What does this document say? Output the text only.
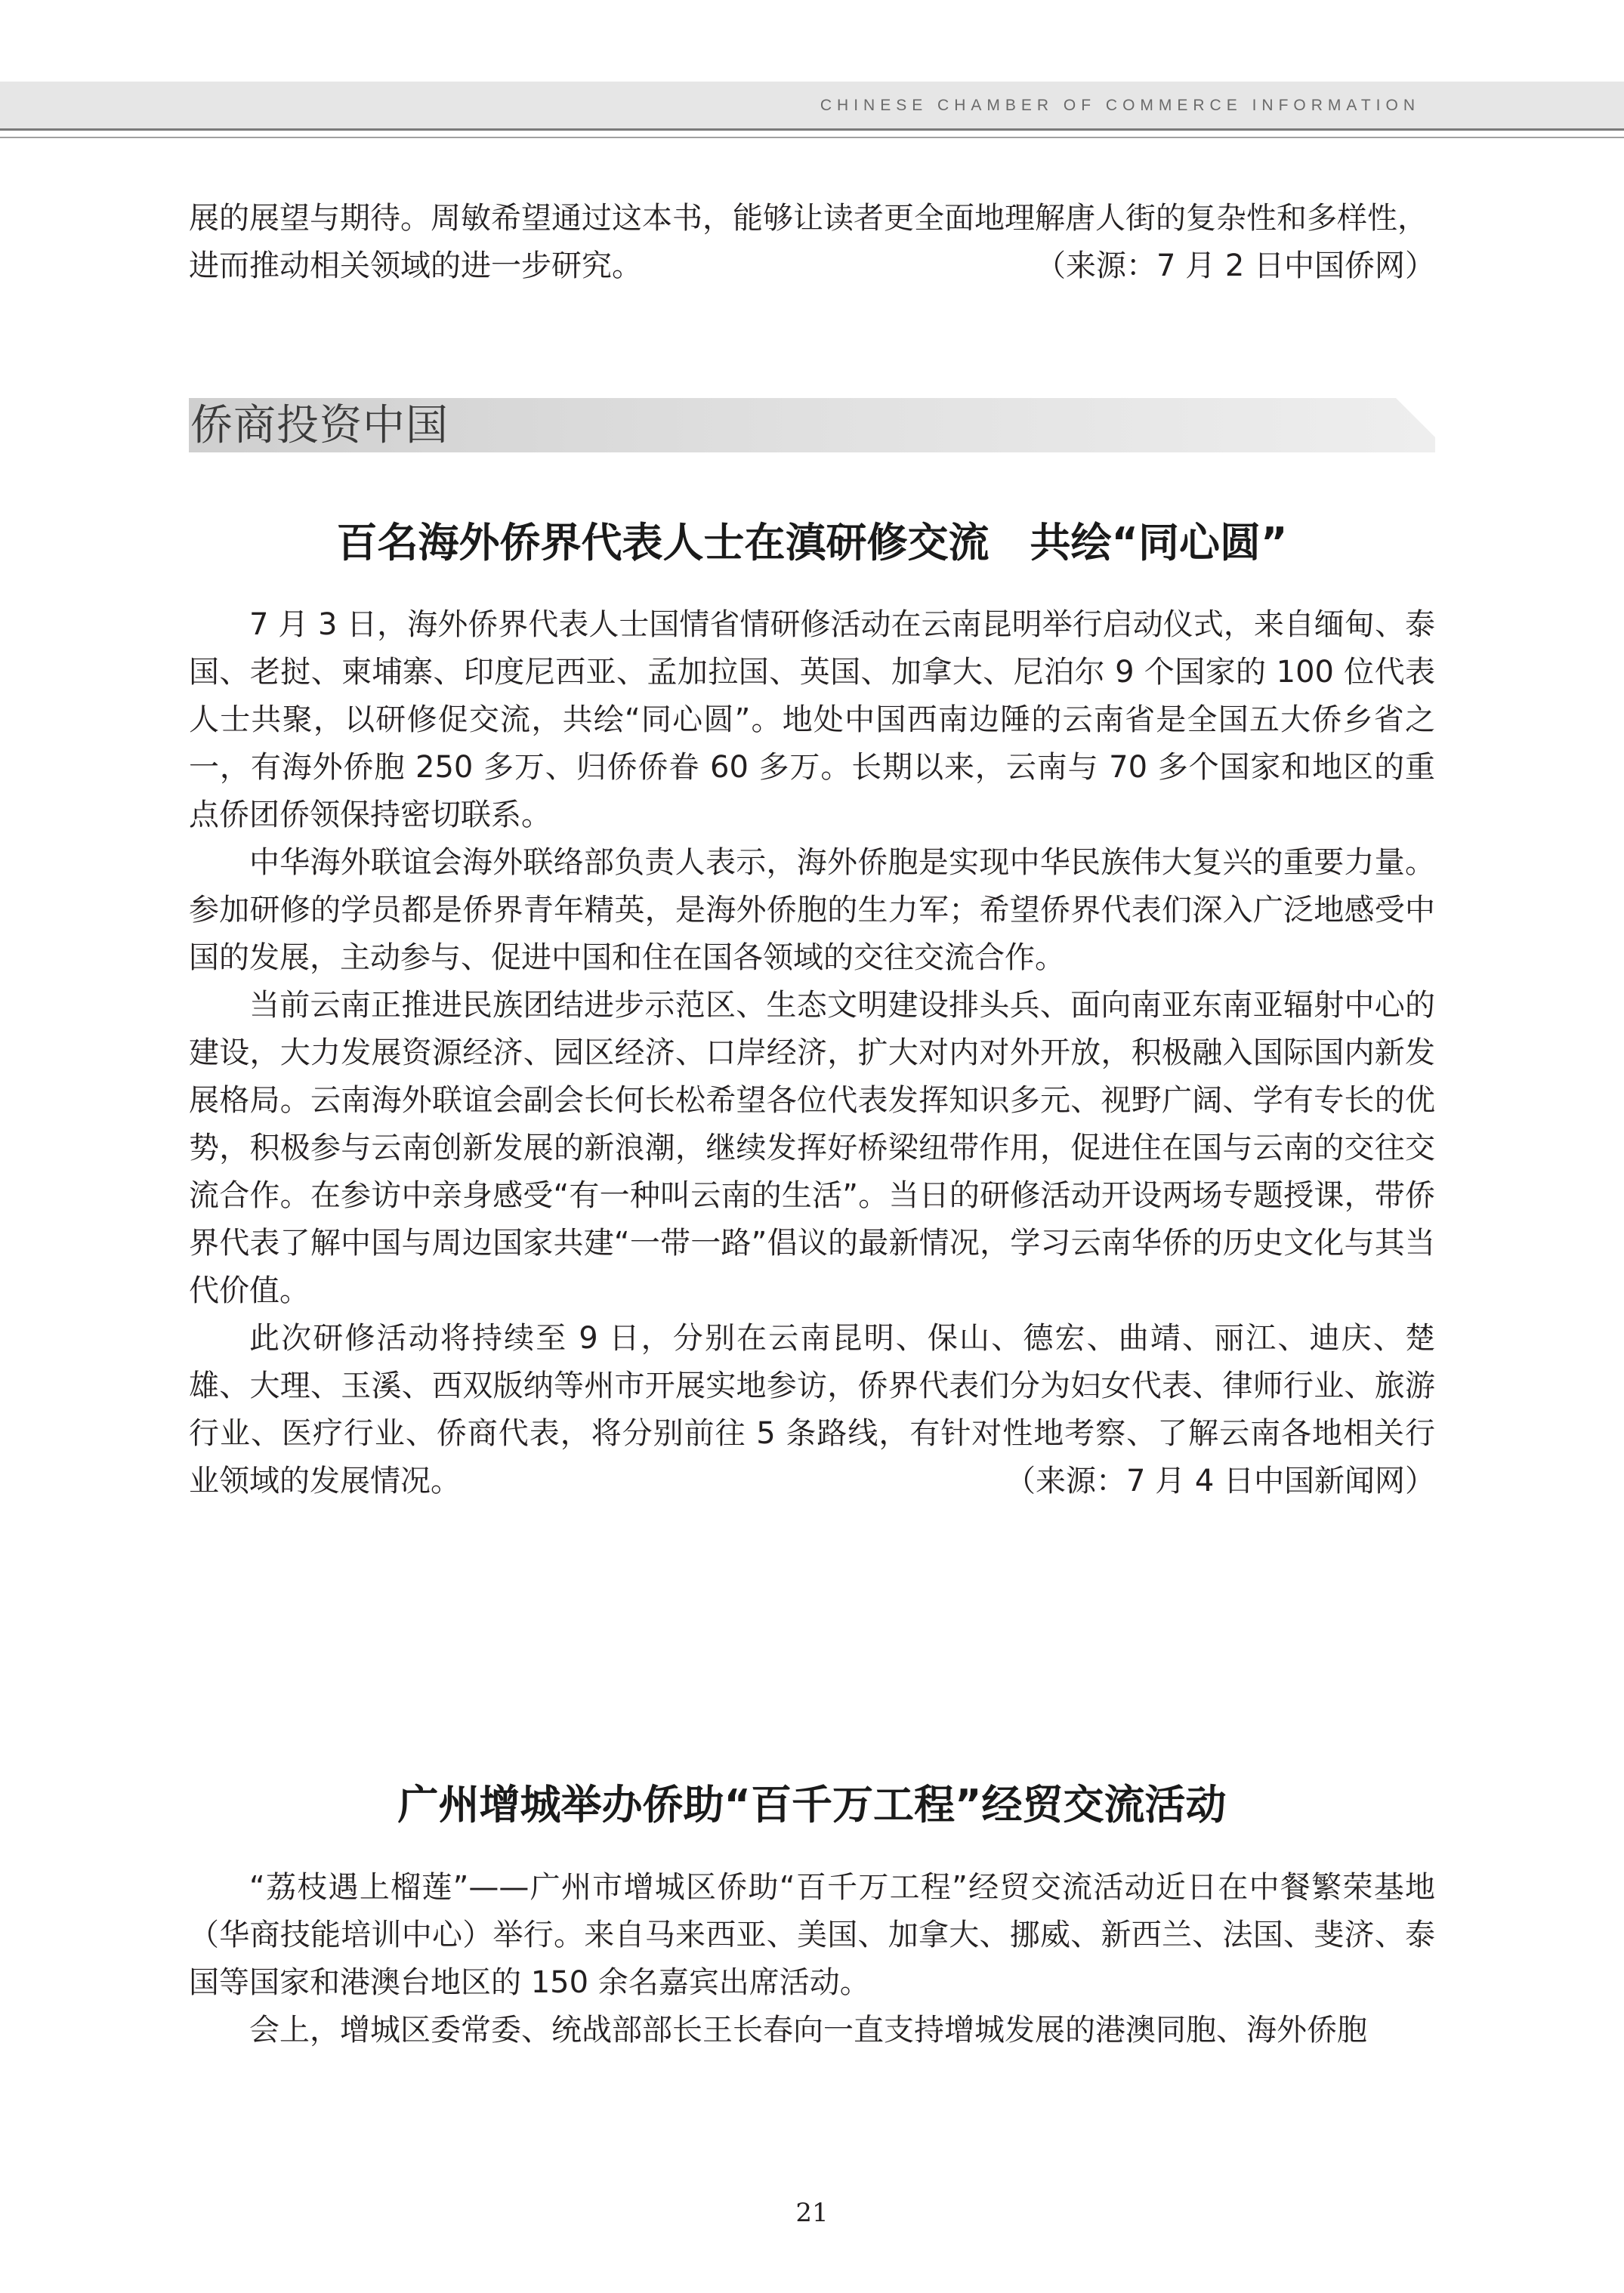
CHINESE CHAMBER OF COMMERCE INFORMATION

展的展望与期待。周敏希望通过这本书，能够让读者更全面地理解唐人街的复杂性和多样性，

进而推动相关领域的进一步研究。	（来源：7 月 2 日中国侨网）

侨商投资中国
百名海外侨界代表人士在滇研修交流　共绘“同心圆”

7 月 3 日，海外侨界代表人士国情省情研修活动在云南昆明举行启动仪式，来自缅甸、泰国、老挝、柬埔寨、印度尼西亚、孟加拉国、英国、加拿大、尼泊尔 9 个国家的 100 位代表人士共聚，以研修促交流，共绘“同心圆”。地处中国西南边陲的云南省是全国五大侨乡省之一，有海外侨胞 250 多万、归侨侨眷 60 多万。长期以来，云南与 70 多个国家和地区的重点侨团侨领保持密切联系。

中华海外联谊会海外联络部负责人表示，海外侨胞是实现中华民族伟大复兴的重要力量。参加研修的学员都是侨界青年精英，是海外侨胞的生力军；希望侨界代表们深入广泛地感受中国的发展，主动参与、促进中国和住在国各领域的交往交流合作。

当前云南正推进民族团结进步示范区、生态文明建设排头兵、面向南亚东南亚辐射中心的建设，大力发展资源经济、园区经济、口岸经济，扩大对内对外开放，积极融入国际国内新发展格局。云南海外联谊会副会长何长松希望各位代表发挥知识多元、视野广阔、学有专长的优势，积极参与云南创新发展的新浪潮，继续发挥好桥梁纽带作用，促进住在国与云南的交往交流合作。在参访中亲身感受“有一种叫云南的生活”。当日的研修活动开设两场专题授课，带侨界代表了解中国与周边国家共建“一带一路”倡议的最新情况，学习云南华侨的历史文化与其当代价值。

此次研修活动将持续至 9 日，分别在云南昆明、保山、德宏、曲靖、丽江、迪庆、楚雄、大理、玉溪、西双版纳等州市开展实地参访，侨界代表们分为妇女代表、律师行业、旅游行业、医疗行业、侨商代表，将分别前往 5 条路线，有针对性地考察、了解云南各地相关行业领域的发展情况。	（来源：7 月 4 日中国新闻网）

广州增城举办侨助“百千万工程”经贸交流活动

“荔枝遇上榴莲”——广州市增城区侨助“百千万工程”经贸交流活动近日在中餐繁荣基地（华商技能培训中心）举行。来自马来西亚、美国、加拿大、挪威、新西兰、法国、斐济、泰国等国家和港澳台地区的 150 余名嘉宾出席活动。

会上，增城区委常委、统战部部长王长春向一直支持增城发展的港澳同胞、海外侨胞

21
